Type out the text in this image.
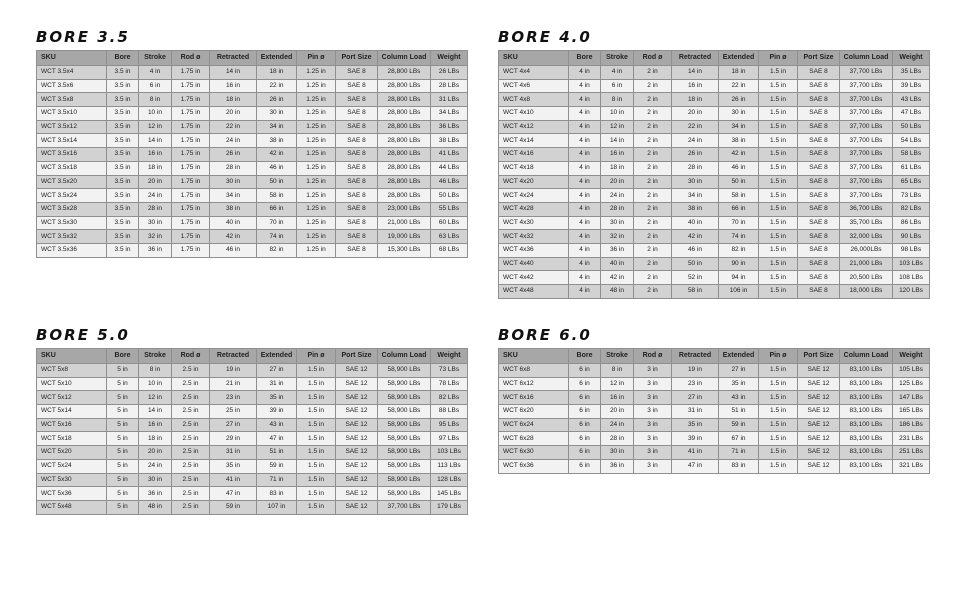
BORE 3.5
SKU	Bore	Stroke	Rod ø	Retracted	Extended	Pin ø	Port Size	Column Load	Weight
WCT 3.5x4	3.5 in	4 in	1.75 in	14 in	18 in	1.25 in	SAE 8	28,800 LBs	26 LBs
WCT 3.5x6	3.5 in	6 in	1.75 in	16 in	22 in	1.25 in	SAE 8	28,800 LBs	28 LBs
WCT 3.5x8	3.5 in	8 in	1.75 in	18 in	26 in	1.25 in	SAE 8	28,800 LBs	31 LBs
WCT 3.5x10	3.5 in	10 in	1.75 in	20 in	30 in	1.25 in	SAE 8	28,800 LBs	34 LBs
WCT 3.5x12	3.5 in	12 in	1.75 in	22 in	34 in	1.25 in	SAE 8	28,800 LBs	36 LBs
WCT 3.5x14	3.5 in	14 in	1.75 in	24 in	38 in	1.25 in	SAE 8	28,800 LBs	38 LBs
WCT 3.5x16	3.5 in	16 in	1.75 in	26 in	42 in	1.25 in	SAE 8	28,800 LBs	41 LBs
WCT 3.5x18	3.5 in	18 in	1.75 in	28 in	46 in	1.25 in	SAE 8	28,800 LBs	44 LBs
WCT 3.5x20	3.5 in	20 in	1.75 in	30 in	50 in	1.25 in	SAE 8	28,800 LBs	46 LBs
WCT 3.5x24	3.5 in	24 in	1.75 in	34 in	58 in	1.25 in	SAE 8	28,800 LBs	50 LBs
WCT 3.5x28	3.5 in	28 in	1.75 in	38 in	66 in	1.25 in	SAE 8	23,000 LBs	55 LBs
WCT 3.5x30	3.5 in	30 in	1.75 in	40 in	70 in	1.25 in	SAE 8	21,000 LBs	60 LBs
WCT 3.5x32	3.5 in	32 in	1.75 in	42 in	74 in	1.25 in	SAE 8	19,000 LBs	63 LBs
WCT 3.5x36	3.5 in	36 in	1.75 in	46 in	82 in	1.25 in	SAE 8	15,300 LBs	68 LBs
BORE 4.0
SKU	Bore	Stroke	Rod ø	Retracted	Extended	Pin ø	Port Size	Column Load	Weight
WCT 4x4	4 in	4 in	2 in	14 in	18 in	1.5 in	SAE 8	37,700 LBs	35 LBs
WCT 4x6	4 in	6 in	2 in	16 in	22 in	1.5 in	SAE 8	37,700 LBs	39 LBs
WCT 4x8	4 in	8 in	2 in	18 in	26 in	1.5 in	SAE 8	37,700 LBs	43 LBs
WCT 4x10	4 in	10 in	2 in	20 in	30 in	1.5 in	SAE 8	37,700 LBs	47 LBs
WCT 4x12	4 in	12 in	2 in	22 in	34 in	1.5 in	SAE 8	37,700 LBs	50 LBs
WCT 4x14	4 in	14 in	2 in	24 in	38 in	1.5 in	SAE 8	37,700 LBs	54 LBs
WCT 4x16	4 in	16 in	2 in	26 in	42 in	1.5 in	SAE 8	37,700 LBs	58 LBs
WCT 4x18	4 in	18 in	2 in	28 in	46 in	1.5 in	SAE 8	37,700 LBs	61 LBs
WCT 4x20	4 in	20 in	2 in	30 in	50 in	1.5 in	SAE 8	37,700 LBs	65 LBs
WCT 4x24	4 in	24 in	2 in	34 in	58 in	1.5 in	SAE 8	37,700 LBs	73 LBs
WCT 4x28	4 in	28 in	2 in	38 in	66 in	1.5 in	SAE 8	36,700 LBs	82 LBs
WCT 4x30	4 in	30 in	2 in	40 in	70 in	1.5 in	SAE 8	35,700 LBs	86 LBs
WCT 4x32	4 in	32 in	2 in	42 in	74 in	1.5 in	SAE 8	32,000 LBs	90 LBs
WCT 4x36	4 in	36 in	2 in	46 in	82 in	1.5 in	SAE 8	26,000LBs	98 LBs
WCT 4x40	4 in	40 in	2 in	50 in	90 in	1.5 in	SAE 8	21,000 LBs	103 LBs
WCT 4x42	4 in	42 in	2 in	52 in	94 in	1.5 in	SAE 8	20,500 LBs	108 LBs
WCT 4x48	4 in	48 in	2 in	58 in	106 in	1.5 in	SAE 8	18,000 LBs	120 LBs
BORE 5.0
SKU	Bore	Stroke	Rod ø	Retracted	Extended	Pin ø	Port Size	Column Load	Weight
WCT 5x8	5 in	8 in	2.5 in	19 in	27 in	1.5 in	SAE 12	58,900 LBs	73 LBs
WCT 5x10	5 in	10 in	2.5 in	21 in	31 in	1.5 in	SAE 12	58,900 LBs	78 LBs
WCT 5x12	5 in	12 in	2.5 in	23 in	35 in	1.5 in	SAE 12	58,900 LBs	82 LBs
WCT 5x14	5 in	14 in	2.5 in	25 in	39 in	1.5 in	SAE 12	58,900 LBs	88 LBs
WCT 5x16	5 in	16 in	2.5 in	27 in	43 in	1.5 in	SAE 12	58,900 LBs	95 LBs
WCT 5x18	5 in	18 in	2.5 in	29 in	47 in	1.5 in	SAE 12	58,900 LBs	97 LBs
WCT 5x20	5 in	20 in	2.5 in	31 in	51 in	1.5 in	SAE 12	58,900 LBs	103 LBs
WCT 5x24	5 in	24 in	2.5 in	35 in	59 in	1.5 in	SAE 12	58,900 LBs	113 LBs
WCT 5x30	5 in	30 in	2.5 in	41 in	71 in	1.5 in	SAE 12	58,900 LBs	128 LBs
WCT 5x36	5 in	36 in	2.5 in	47 in	83 in	1.5 in	SAE 12	58,900 LBs	145 LBs
WCT 5x48	5 in	48 in	2.5 in	59 in	107 in	1.5 in	SAE 12	37,700 LBs	179 LBs
BORE 6.0
SKU	Bore	Stroke	Rod ø	Retracted	Extended	Pin ø	Port Size	Column Load	Weight
WCT 6x8	6 in	8 in	3 in	19 in	27 in	1.5 in	SAE 12	83,100 LBs	105 LBs
WCT 6x12	6 in	12 in	3 in	23 in	35 in	1.5 in	SAE 12	83,100 LBs	125 LBs
WCT 6x16	6 in	16 in	3 in	27 in	43 in	1.5 in	SAE 12	83,100 LBs	147 LBs
WCT 6x20	6 in	20 in	3 in	31 in	51 in	1.5 in	SAE 12	83,100 LBs	165 LBs
WCT 6x24	6 in	24 in	3 in	35 in	59 in	1.5 in	SAE 12	83,100 LBs	186 LBs
WCT 6x28	6 in	28 in	3 in	39 in	67 in	1.5 in	SAE 12	83,100 LBs	231 LBs
WCT 6x30	6 in	30 in	3 in	41 in	71 in	1.5 in	SAE 12	83,100 LBs	251 LBs
WCT 6x36	6 in	36 in	3 in	47 in	83 in	1.5 in	SAE 12	83,100 LBs	321 LBs
